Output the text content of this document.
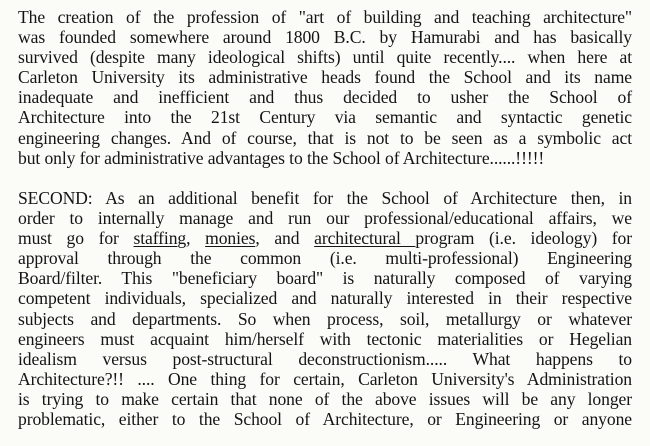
The creation of the profession of "art of building and teaching architecture"
was founded somewhere around 1800 B.C. by Hamurabi and has basically
survived (despite many ideological shifts) until quite recently.... when here at
Carleton University its administrative heads found the School and its name
inadequate and inefficient and thus decided to usher the School of
Architecture into the 21st Century via semantic and syntactic genetic
engineering changes. And of course, that is not to be seen as a symbolic act
but only for administrative advantages to the School of Architecture......!!!!!
SECOND: As an additional benefit for the School of Architecture then, in
order to internally manage and run our professional/educational affairs, we
must go for staffing, monies, and architectural program (i.e. ideology) for
approval through the common (i.e. multi-professional) Engineering
Board/filter. This "beneficiary board" is naturally composed of varying
competent individuals, specialized and naturally interested in their respective
subjects and departments. So when process, soil, metallurgy or whatever
engineers must acquaint him/herself with tectonic materialities or Hegelian
idealism versus post-structural deconstructionism..... What happens to
Architecture?!! .... One thing for certain, Carleton University's Administration
is trying to make certain that none of the above issues will be any longer
problematic, either to the School of Architecture, or Engineering or anyone
